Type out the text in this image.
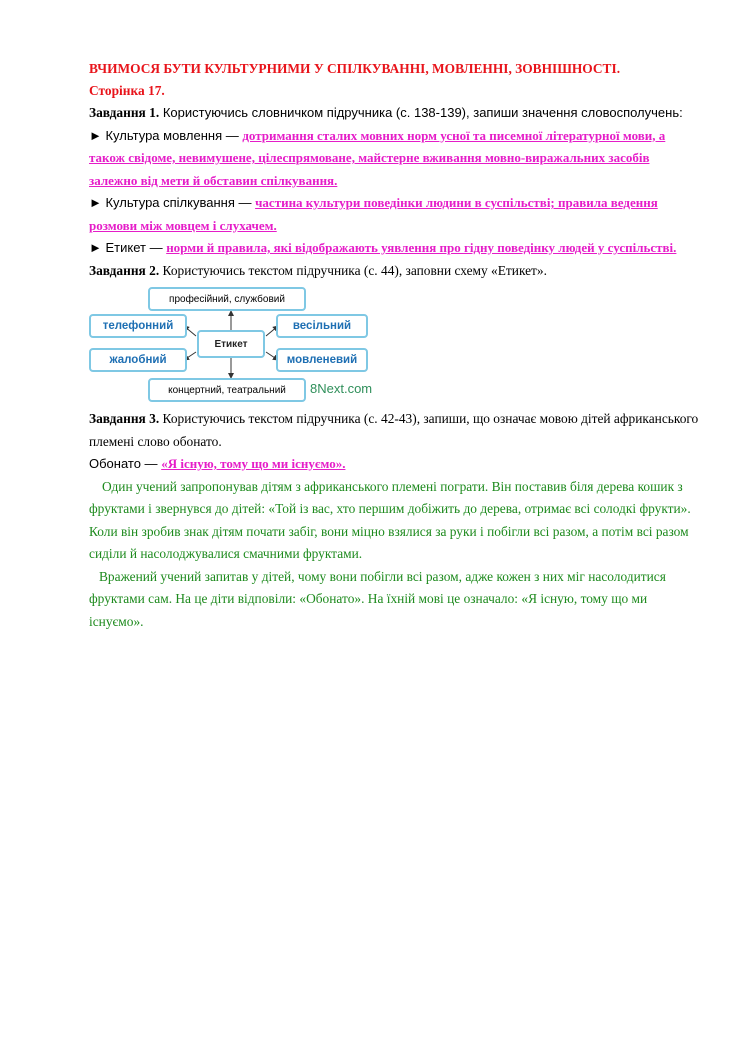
ВЧИМОСЯ БУТИ КУЛЬТУРНИМИ У СПІЛКУВАННІ, МОВЛЕННІ, ЗОВНІШНОСТІ.

Сторінка 17.

Завдання 1. Користуючись словничком підручника (с. 138-139), запиши значення словосполучень:

► Культура мовлення — дотримання сталих мовних норм усної та писемної літературної мови, а

також свідоме, невимушене, цілеспрямоване, майстерне вживання мовно-виражальних засобів

залежно від мети й обставин спілкування.

► Культура спілкування — частина культури поведінки людини в суспільстві; правила ведення

розмови між мовцем і слухачем.

► Етикет — норми й правила, які відображають уявлення про гідну поведінку людей у суспільстві.

Завдання 2. Користуючись текстом підручника (с. 44), заповни схему «Етикет».

професійний, службовий
телефонний	весільний
Етикет
жалобний	мовленевий
концертний, театральний	8Next.com

Завдання 3. Користуючись текстом підручника (с. 42-43), запиши, що означає мовою дітей африканського

племені слово обонато.

Обонато — «Я існую, тому що ми існуємо».

Один учений запропонував дітям з африканського племені пограти. Він поставив біля дерева кошик з

фруктами і звернувся до дітей: «Той із вас, хто першим добіжить до дерева, отримає всі солодкі фрукти».

Коли він зробив знак дітям почати забіг, вони міцно взялися за руки і побігли всі разом, а потім всі разом

сиділи й насолоджувалися смачними фруктами.

Вражений учений запитав у дітей, чому вони побігли всі разом, адже кожен з них міг насолодитися

фруктами сам. На це діти відповіли: «Обонато». На їхній мові це означало: «Я існую, тому що ми

існуємо».
